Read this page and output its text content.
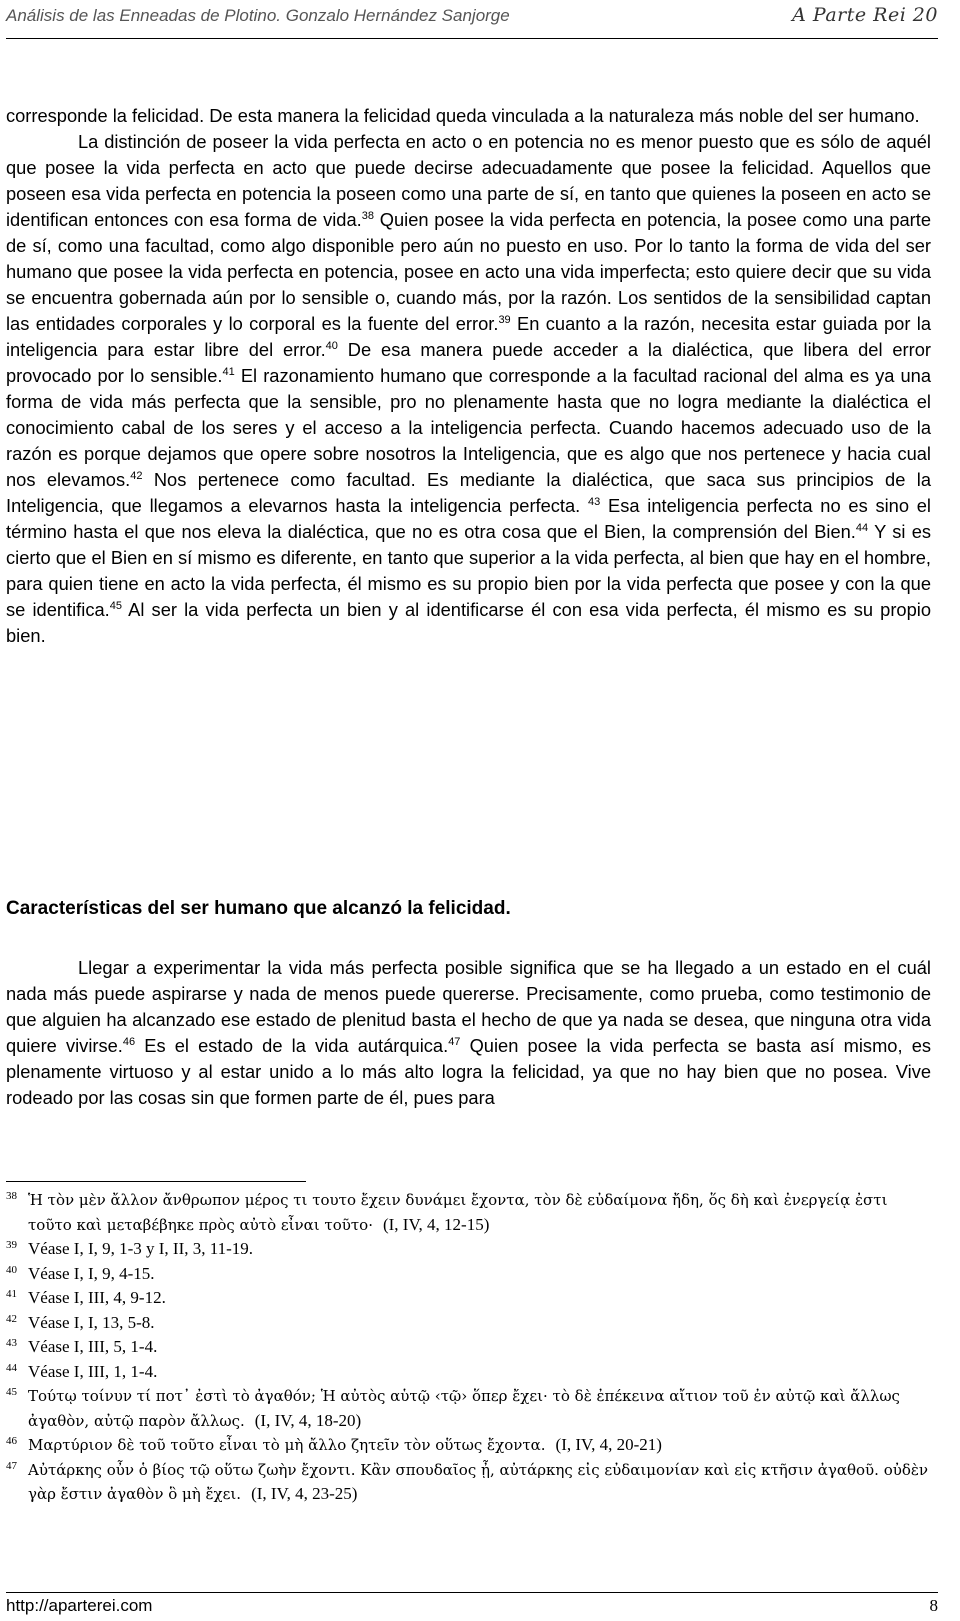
Análisis de las Enneadas de Plotino. Gonzalo Hernández Sanjorge	A Parte Rei 20

corresponde la felicidad. De esta manera la felicidad queda vinculada a la naturaleza más noble del ser humano.

La distinción de poseer la vida perfecta en acto o en potencia no es menor puesto que es sólo de aquél que posee la vida perfecta en acto que puede decirse adecuadamente que posee la felicidad. Aquellos que poseen esa vida perfecta en potencia la poseen como una parte de sí, en tanto que quienes la poseen en acto se identifican entonces con esa forma de vida.$^{38}$ Quien posee la vida perfecta en potencia, la posee como una parte de sí, como una facultad, como algo disponible pero aún no puesto en uso. Por lo tanto la forma de vida del ser humano que posee la vida perfecta en potencia, posee en acto una vida imperfecta; esto quiere decir que su vida se encuentra gobernada aún por lo sensible o, cuando más, por la razón. Los sentidos de la sensibilidad captan las entidades corporales y lo corporal es la fuente del error.$^{39}$ En cuanto a la razón, necesita estar guiada por la inteligencia para estar libre del error.$^{40}$ De esa manera puede acceder a la dialéctica, que libera del error provocado por lo sensible.$^{41}$ El razonamiento humano que corresponde a la facultad racional del alma es ya una forma de vida más perfecta que la sensible, pro no plenamente hasta que no logra mediante la dialéctica el conocimiento cabal de los seres y el acceso a la inteligencia perfecta. Cuando hacemos adecuado uso de la razón es porque dejamos que opere sobre nosotros la Inteligencia, que es algo que nos pertenece y hacia cual nos elevamos.$^{42}$ Nos pertenece como facultad. Es mediante la dialéctica, que saca sus principios de la Inteligencia, que llegamos a elevarnos hasta la inteligencia perfecta. $^{43}$ Esa inteligencia perfecta no es sino el término hasta el que nos eleva la dialéctica, que no es otra cosa que el Bien, la comprensión del Bien.$^{44}$ Y si es cierto que el Bien en sí mismo es diferente, en tanto que superior a la vida perfecta, al bien que hay en el hombre, para quien tiene en acto la vida perfecta, él mismo es su propio bien por la vida perfecta que posee y con la que se identifica.$^{45}$ Al ser la vida perfecta un bien y al identificarse él con esa vida perfecta, él mismo es su propio bien.

Características del ser humano que alcanzó la felicidad.

Llegar a experimentar la vida más perfecta posible significa que se ha llegado a un estado en el cuál nada más puede aspirarse y nada de menos puede quererse. Precisamente, como prueba, como testimonio de que alguien ha alcanzado ese estado de plenitud basta el hecho de que ya nada se desea, que ninguna otra vida quiere vivirse.$^{46}$ Es el estado de la vida autárquica.$^{47}$ Quien posee la vida perfecta se basta así mismo, es plenamente virtuoso y al estar unido a lo más alto logra la felicidad, ya que no hay bien que no posea. Vive rodeado por las cosas sin que formen parte de él, pues para

38 Ἡ τὸν μὲν ἄλλον ἄνθρωπον μέρος τι τουτο ἔχειν δυνάμει ἔχοντα, τὸν δὲ εὐδαίμονα ἤδη, ὅς δὴ καὶ ἐνεργείᾳ ἐστι τοῦτο καὶ μεταβέβηκε πρὸς αὐτὸ εἶναι τοῦτο· (I, IV, 4, 12-15)
39 Véase I, I, 9, 1-3 y I, II, 3, 11-19.
40 Véase I, I, 9, 4-15.
41 Véase I, III, 4, 9-12.
42 Véase I, I, 13, 5-8.
43 Véase I, III, 5, 1-4.
44 Véase I, III, 1, 1-4.
45 Τούτῳ τοίνυν τί ποτ᾽ ἐστὶ τὸ ἀγαθόν; Ἡ αὐτὸς αὑτῷ ‹τῷ› ὅπερ ἔχει· τὸ δὲ ἐπέκεινα αἴτιον τοῦ ἐν αὐτῷ καὶ ἄλλως ἀγαθὸν, αὐτῷ παρὸν ἄλλως. (I, IV, 4, 18-20)
46 Μαρτύριον δὲ τοῦ τοῦτο εἶναι τὸ μὴ ἄλλο ζητεῖν τὸν οὕτως ἔχοντα. (I, IV, 4, 20-21)
47 Αὐτάρκης οὖν ὁ βίος τῷ οὕτω ζωὴν ἔχοντι. Κἂν σπουδαῖος ᾖ, αὐτάρκης εἰς εὐδαιμονίαν καὶ εἰς κτῆσιν ἀγαθοῦ. οὐδὲν γὰρ ἔστιν ἀγαθὸν ὃ μὴ ἔχει. (I, IV, 4, 23-25)
http://aparterei.com	8
